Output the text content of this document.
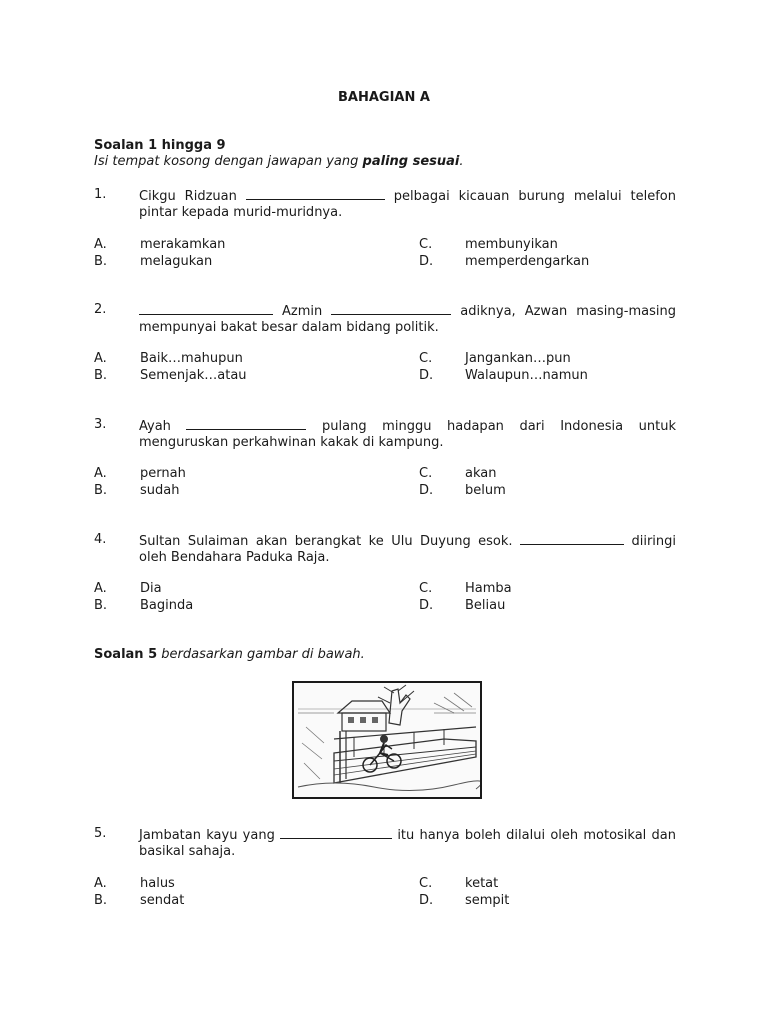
BAHAGIAN A
Soalan 1 hingga 9
Isi tempat kosong dengan jawapan yang paling sesuai.
1.	Cikgu Ridzuan	pelbagai kicauan burung melalui telefon pintar kepada murid-muridnya.
A.	merakamkan
B.	melagukan
C.	membunyikan
D. memperdengarkan
2.	Azmin	adiknya, Azwan masing-masing mempunyai bakat besar dalam bidang politik.
A.	Baik…mahupun
B.	Semenjak…atau
C.	Jangankan…pun
D. Walaupun…namun
3.	Ayah	pulang minggu hadapan dari Indonesia untuk menguruskan perkahwinan kakak di kampung.
A.	pernah
B.	sudah
C.	akan
D. belum
4.	Sultan Sulaiman akan berangkat ke Ulu Duyung esok.	diiringi oleh Bendahara Paduka Raja.
A.	Dia
B.	Baginda
C.	Hamba
D. Beliau
Soalan 5 berdasarkan gambar di bawah.
5.	Jambatan kayu yang	itu hanya boleh dilalui oleh motosikal dan basikal sahaja.
A.	halus
B.	sendat
C.	ketat
D. sempit
